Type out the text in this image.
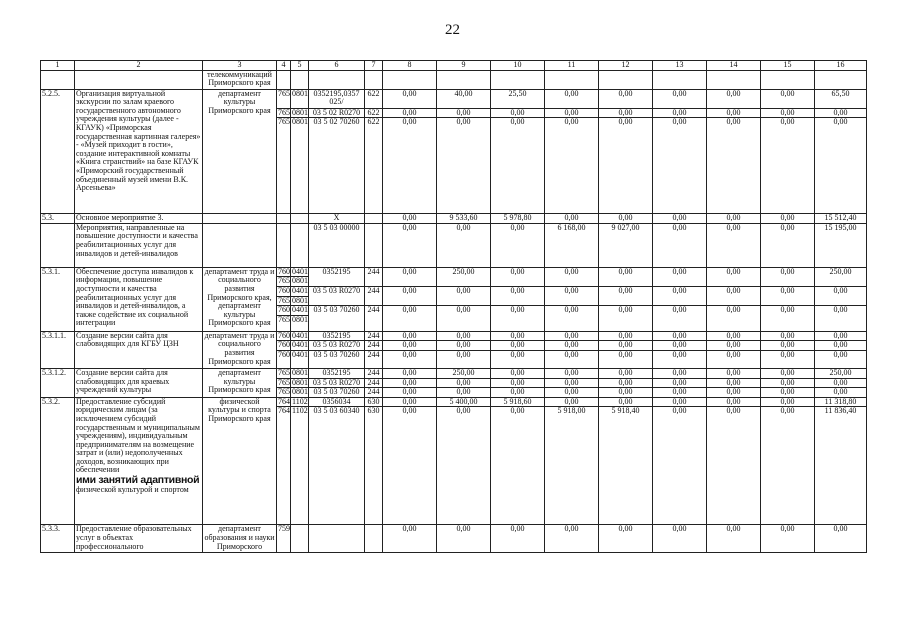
22
1	2	3	4	5	6	7	8	9	10	11	12	13	14	15	16
		телекоммуникаций Приморского края													
5.2.5.	Организация виртуальной экскурсии по залам краевого государственного автономного учреждения культуры (далее - КГАУК) «Приморская государственная картинная галерея» - «Музей приходит в гости», создание интерактивной комнаты «Книга странствий» на базе КГАУК «Приморский государственный объединенный музей имени В.К. Арсеньева»	департамент культуры Приморского края	765	0801	0352195,0357 025/	622	0,00	40,00	25,50	0,00	0,00	0,00	0,00	0,00	65,50
			765	0801	03 5 02 R0270	622	0,00	0,00	0,00	0,00	0,00	0,00	0,00	0,00	0,00
			765	0801	03 5 02 70260	622	0,00	0,00	0,00	0,00	0,00	0,00	0,00	0,00	0,00
5.3.	Основное мероприятие 3.				X		0,00	9 533,60	5 978,80	0,00	0,00	0,00	0,00	0,00	15 512,40
	Мероприятия, направленные на повышение доступности и качества реабилитационных услуг для инвалидов и детей-инвалидов				03 5 03 00000		0,00	0,00	0,00	6 168,00	9 027,00	0,00	0,00	0,00	15 195,00
5.3.1.	Обеспечение доступа инвалидов к информации, повышение доступности и качества реабилитационных услуг для инвалидов и детей-инвалидов, а также содействие их социальной интеграции	департамент труда и социального развития Приморского края, департамент культуры Приморского края	760	0401	0352195	244	0,00	250,00	0,00	0,00	0,00	0,00	0,00	0,00	250,00
			765	0801											
			760	0401	03 5 03 R0270	244	0,00	0,00	0,00	0,00	0,00	0,00	0,00	0,00	0,00
			765	0801											
			760	0401	03 5 03 70260	244	0,00	0,00	0,00	0,00	0,00	0,00	0,00	0,00	0,00
			765	0801											
5.3.1.1.	Создание версии сайта для слабовидящих для КГБУ ЦЗН	департамент труда и социального развития Приморского края	760	0401	0352195	244	0,00	0,00	0,00	0,00	0,00	0,00	0,00	0,00	0,00
			760	0401	03 5 03 R0270	244	0,00	0,00	0,00	0,00	0,00	0,00	0,00	0,00	0,00
			760	0401	03 5 03 70260	244	0,00	0,00	0,00	0,00	0,00	0,00	0,00	0,00	0,00
5.3.1.2.	Создание версии сайта для слабовидящих для краевых учреждений культуры	департамент культуры Приморского края	765	0801	0352195	244	0,00	250,00	0,00	0,00	0,00	0,00	0,00	0,00	250,00
			765	0801	03 5 03 R0270	244	0,00	0,00	0,00	0,00	0,00	0,00	0,00	0,00	0,00
			765	0801	03 5 03 70260	244	0,00	0,00	0,00	0,00	0,00	0,00	0,00	0,00	0,00
5.3.2.	Предоставление субсидий юридическим лицам (за исключением субсидий государственным и муниципальным учреждениям), индивидуальным предпринимателям на возмещение затрат и (или) недополученных доходов, возникающих при обеспечении
ими занятий адаптивной
физической культурой и спортом	физической культуры и спорта Приморского края	764	1102	0356034	630	0,00	5 400,00	5 918,60	0,00	0,00	0,00	0,00	0,00	11 318,80
			764	1102	03 5 03 60340	630	0,00	0,00	0,00	5 918,00	5 918,40	0,00	0,00	0,00	11 836,40
5.3.3.	Предоставление образовательных услуг в объектах профессионального	департамент образования и науки Приморского	759				0,00	0,00	0,00	0,00	0,00	0,00	0,00	0,00	0,00
